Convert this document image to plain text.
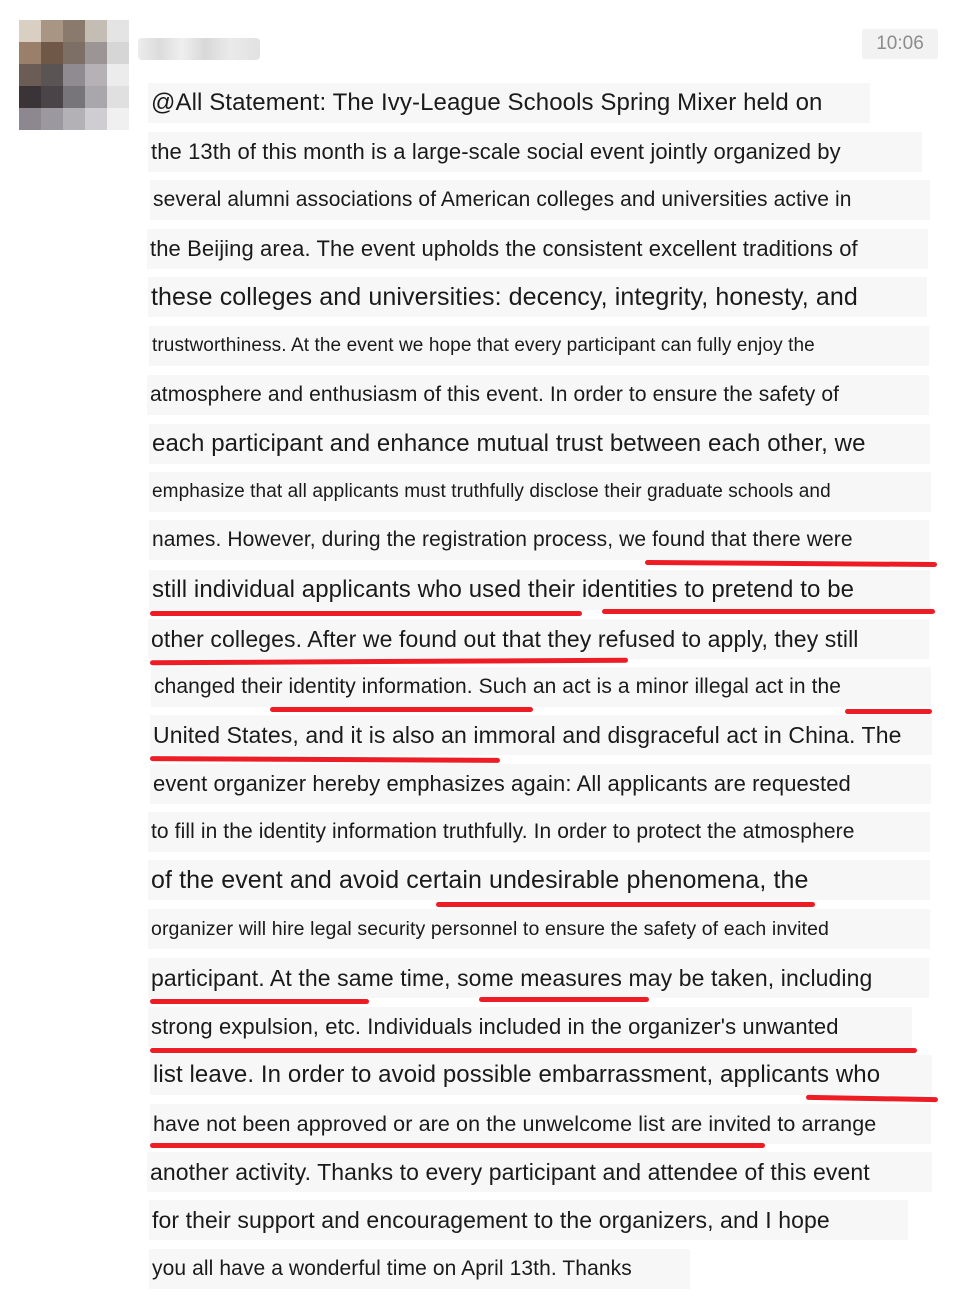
10:06
@All Statement: The Ivy-League Schools Spring Mixer held on
the 13th of this month is a large-scale social event jointly organized by
several alumni associations of American colleges and universities active in
the Beijing area. The event upholds the consistent excellent traditions of
these colleges and universities: decency, integrity, honesty, and
trustworthiness. At the event we hope that every participant can fully enjoy the
atmosphere and enthusiasm of this event. In order to ensure the safety of
each participant and enhance mutual trust between each other, we
emphasize that all applicants must truthfully disclose their graduate schools and
names. However, during the registration process, we found that there were
still individual applicants who used their identities to pretend to be
other colleges. After we found out that they refused to apply, they still
changed their identity information. Such an act is a minor illegal act in the
United States, and it is also an immoral and disgraceful act in China. The
event organizer hereby emphasizes again: All applicants are requested
to fill in the identity information truthfully. In order to protect the atmosphere
of the event and avoid certain undesirable phenomena, the
organizer will hire legal security personnel to ensure the safety of each invited
participant. At the same time, some measures may be taken, including
strong expulsion, etc. Individuals included in the organizer's unwanted
list leave. In order to avoid possible embarrassment, applicants who
have not been approved or are on the unwelcome list are invited to arrange
another activity. Thanks to every participant and attendee of this event
for their support and encouragement to the organizers, and I hope
you all have a wonderful time on April 13th. Thanks
